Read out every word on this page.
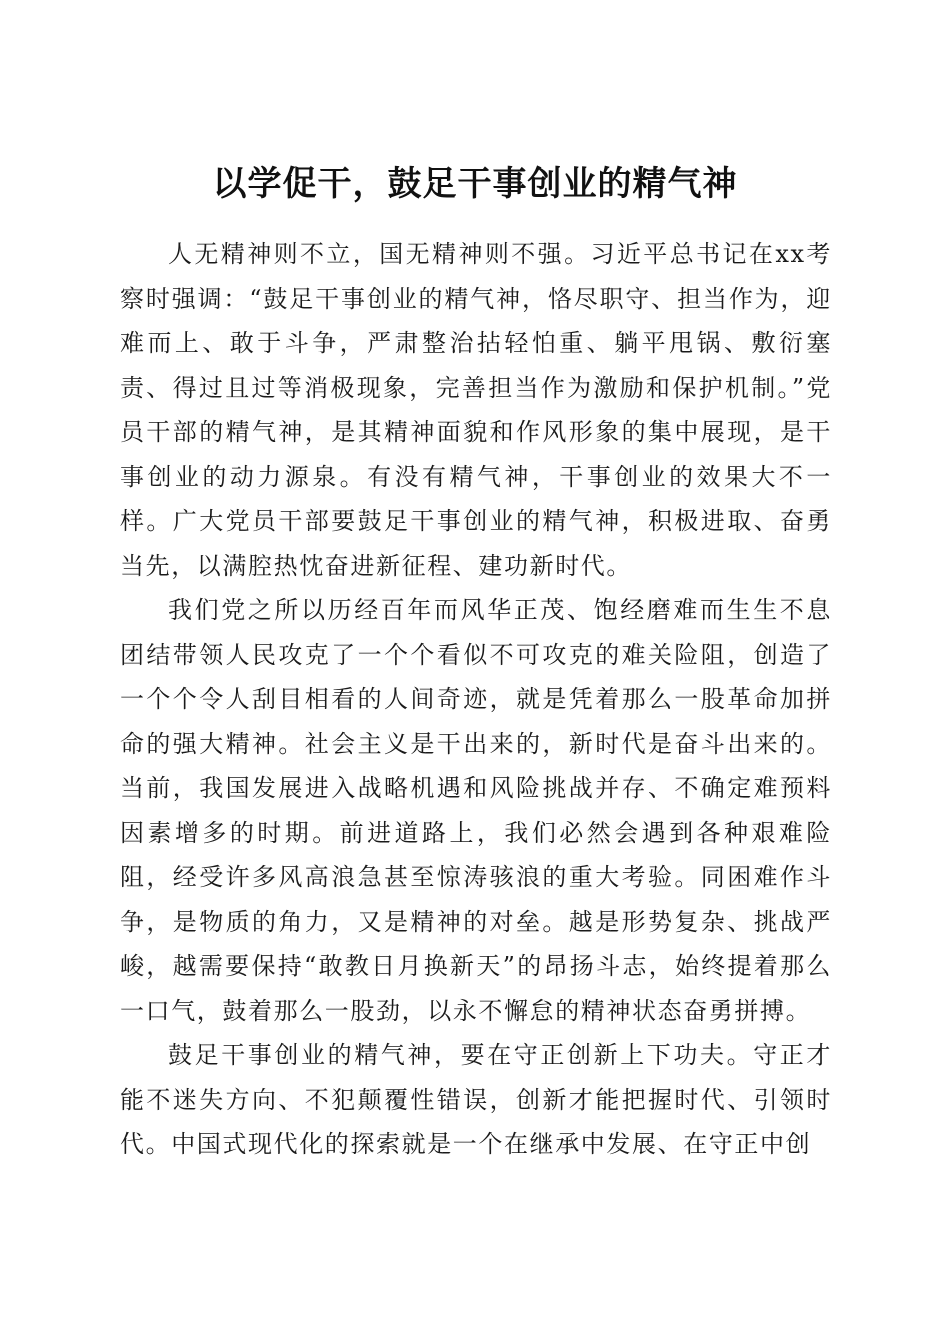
以学促干，鼓足干事创业的精气神

人无精神则不立，国无精神则不强。习近平总书记在xx考察时强调：“鼓足干事创业的精气神，恪尽职守、担当作为，迎难而上、敢于斗争，严肃整治拈轻怕重、躺平甩锅、敷衍塞责、得过且过等消极现象，完善担当作为激励和保护机制。”党员干部的精气神，是其精神面貌和作风形象的集中展现，是干事创业的动力源泉。有没有精气神，干事创业的效果大不一样。广大党员干部要鼓足干事创业的精气神，积极进取、奋勇当先，以满腔热忱奋进新征程、建功新时代。

我们党之所以历经百年而风华正茂、饱经磨难而生生不息团结带领人民攻克了一个个看似不可攻克的难关险阻，创造了一个个令人刮目相看的人间奇迹，就是凭着那么一股革命加拼命的强大精神。社会主义是干出来的，新时代是奋斗出来的。当前，我国发展进入战略机遇和风险挑战并存、不确定难预料因素增多的时期。前进道路上，我们必然会遇到各种艰难险阻，经受许多风高浪急甚至惊涛骇浪的重大考验。同困难作斗争，是物质的角力，又是精神的对垒。越是形势复杂、挑战严峻，越需要保持“敢教日月换新天”的昂扬斗志，始终提着那么一口气，鼓着那么一股劲，以永不懈怠的精神状态奋勇拼搏。

鼓足干事创业的精气神，要在守正创新上下功夫。守正才能不迷失方向、不犯颠覆性错误，创新才能把握时代、引领时代。中国式现代化的探索就是一个在继承中发展、在守正中创
